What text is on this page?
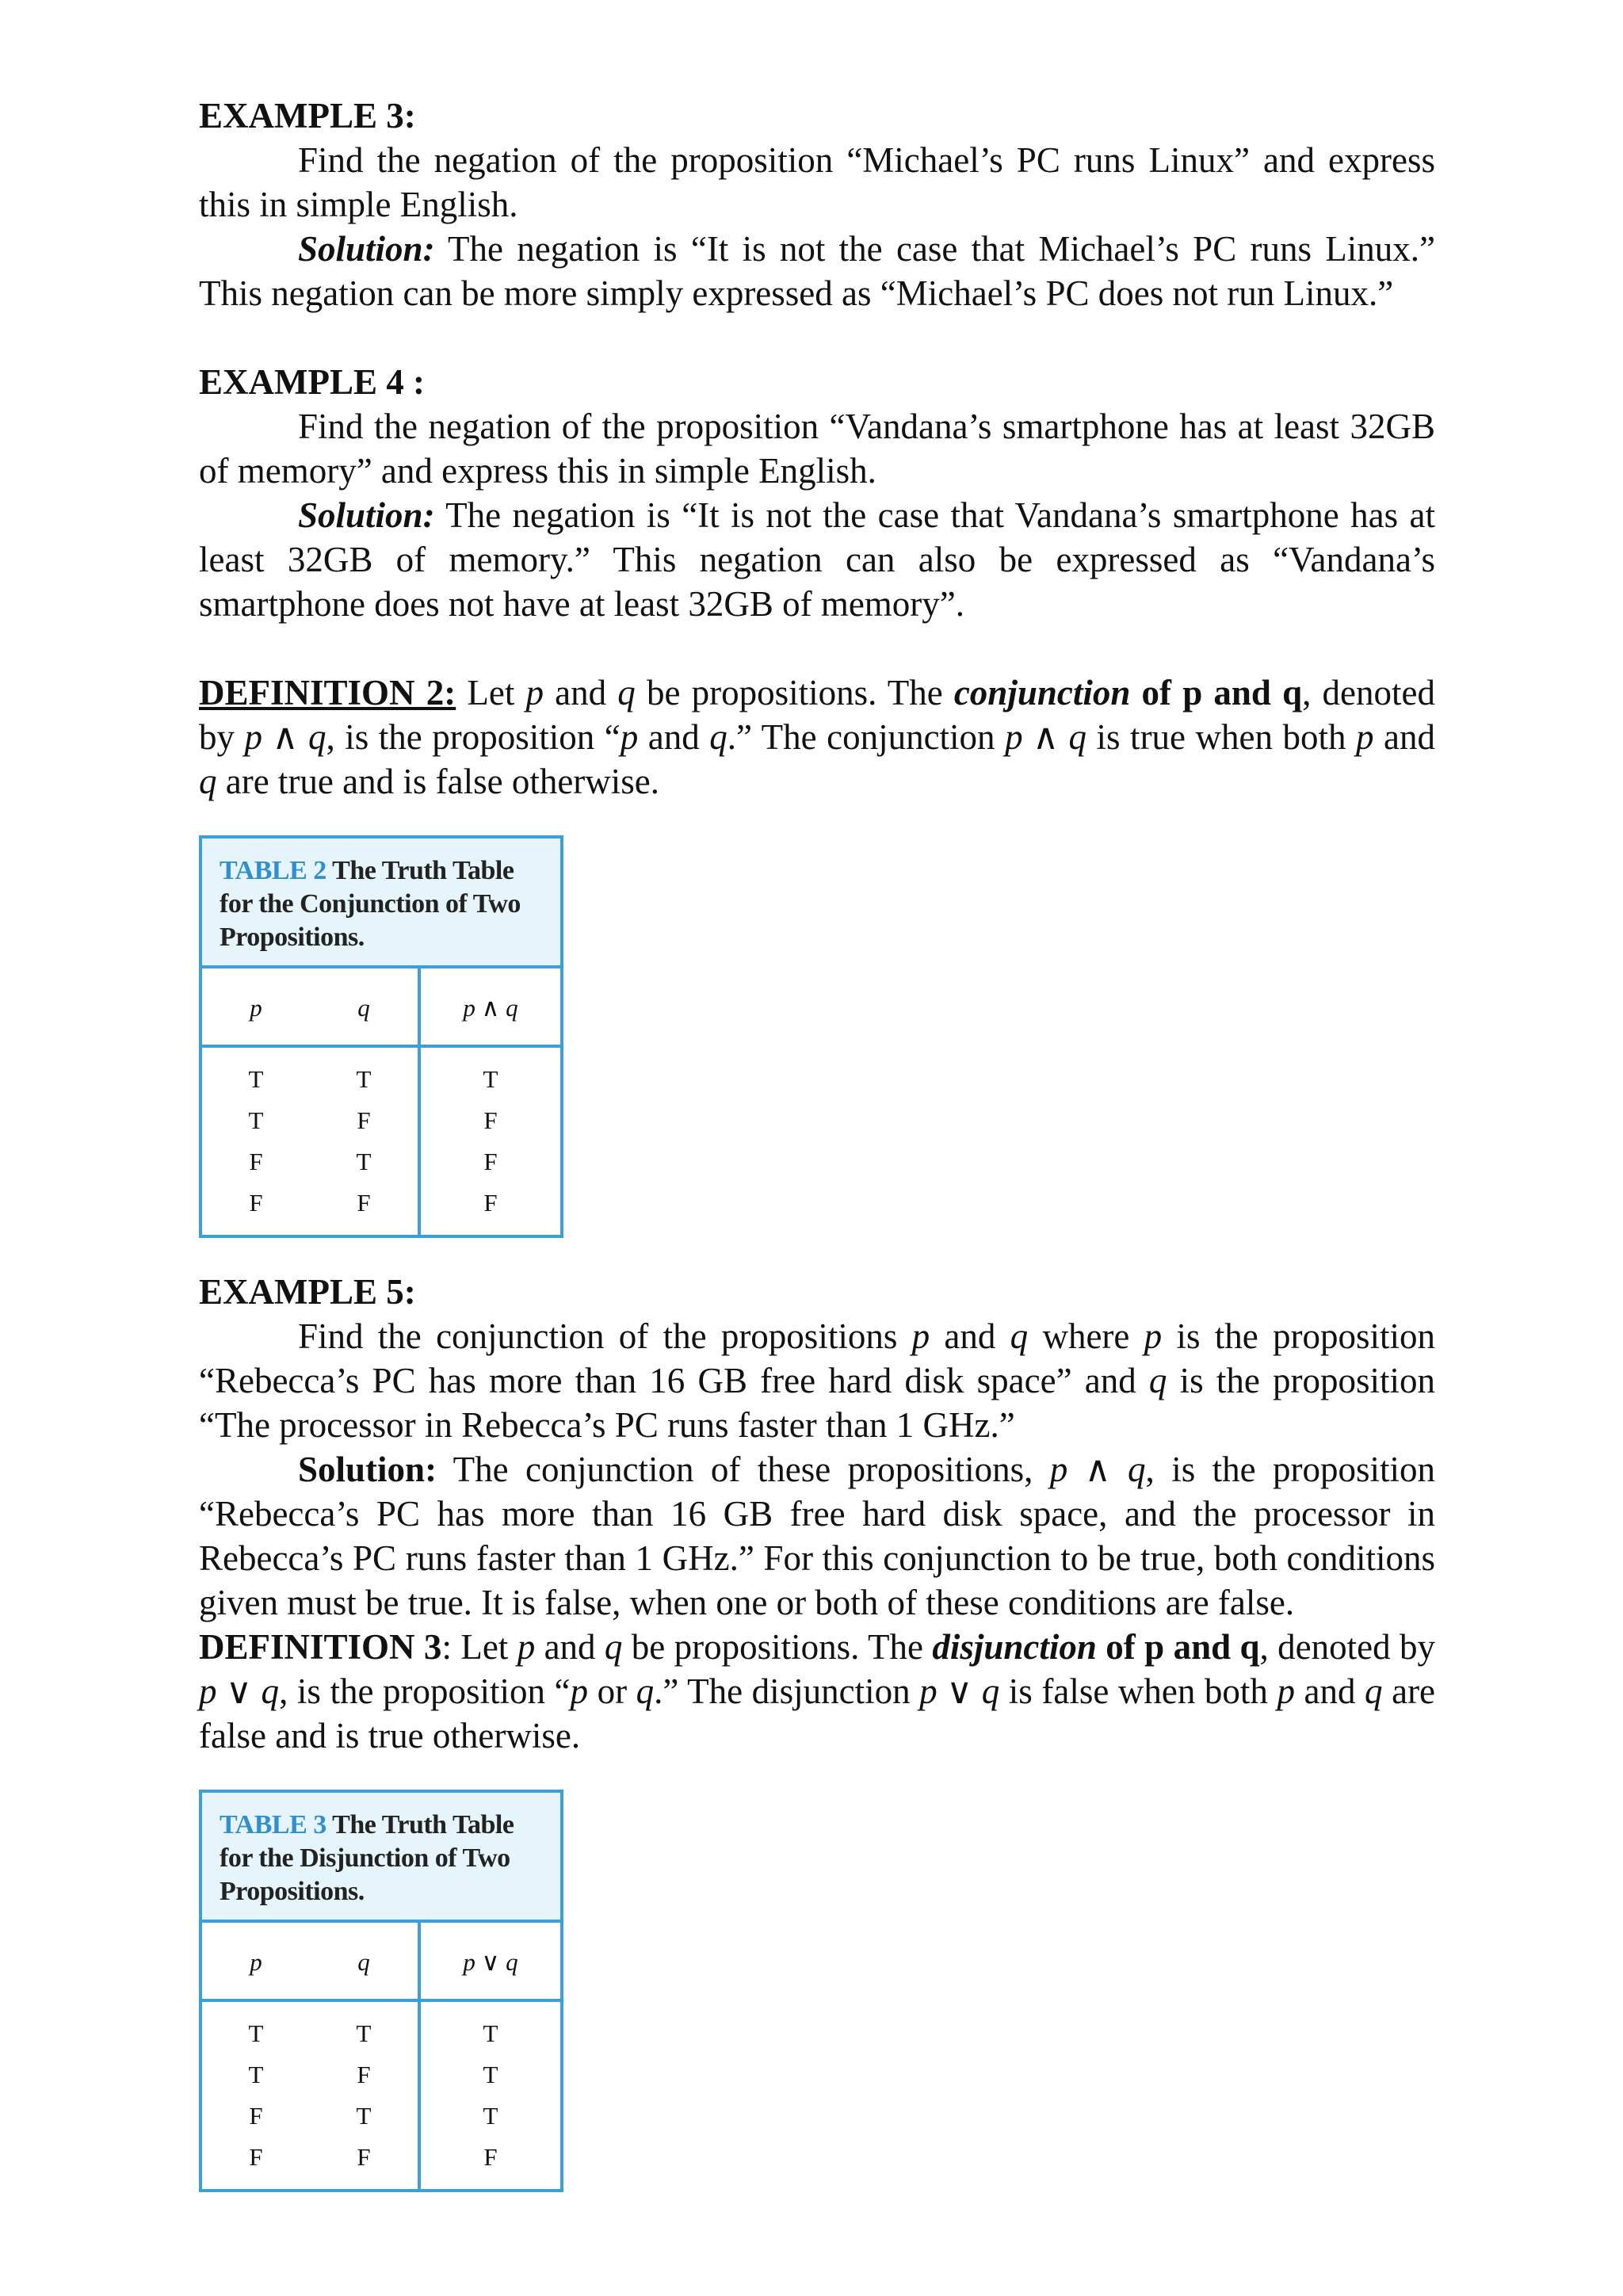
EXAMPLE 3:

Find the negation of the proposition “Michael’s PC runs Linux” and express this in simple English.

Solution: The negation is “It is not the case that Michael’s PC runs Linux.” This negation can be more simply expressed as “Michael’s PC does not run Linux.”

EXAMPLE 4 :

Find the negation of the proposition “Vandana’s smartphone has at least 32GB of memory” and express this in simple English.

Solution: The negation is “It is not the case that Vandana’s smartphone has at least 32GB of memory.” This negation can also be expressed as “Vandana’s smartphone does not have at least 32GB of memory”.

DEFINITION 2: Let p and q be propositions. The conjunction of p and q, denoted by p ∧ q, is the proposition “p and q.” The conjunction p ∧ q is true when both p and q are true and is false otherwise.

TABLE 2 The Truth Table for the Conjunction of Two Propositions.
p	q	p ∧ q
T	T	T
T	F	F
F	T	F
F	F	F
EXAMPLE 5:

Find the conjunction of the propositions p and q where p is the proposition “Rebecca’s PC has more than 16 GB free hard disk space” and q is the proposition “The processor in Rebecca’s PC runs faster than 1 GHz.”

Solution: The conjunction of these propositions, p ∧ q, is the proposition “Rebecca’s PC has more than 16 GB free hard disk space, and the processor in Rebecca’s PC runs faster than 1 GHz.” For this conjunction to be true, both conditions given must be true. It is false, when one or both of these conditions are false.

DEFINITION 3: Let p and q be propositions. The disjunction of p and q, denoted by p ∨ q, is the proposition “p or q.” The disjunction p ∨ q is false when both p and q are false and is true otherwise.

TABLE 3 The Truth Table for the Disjunction of Two Propositions.
p	q	p ∨ q
T	T	T
T	F	T
F	T	T
F	F	F
